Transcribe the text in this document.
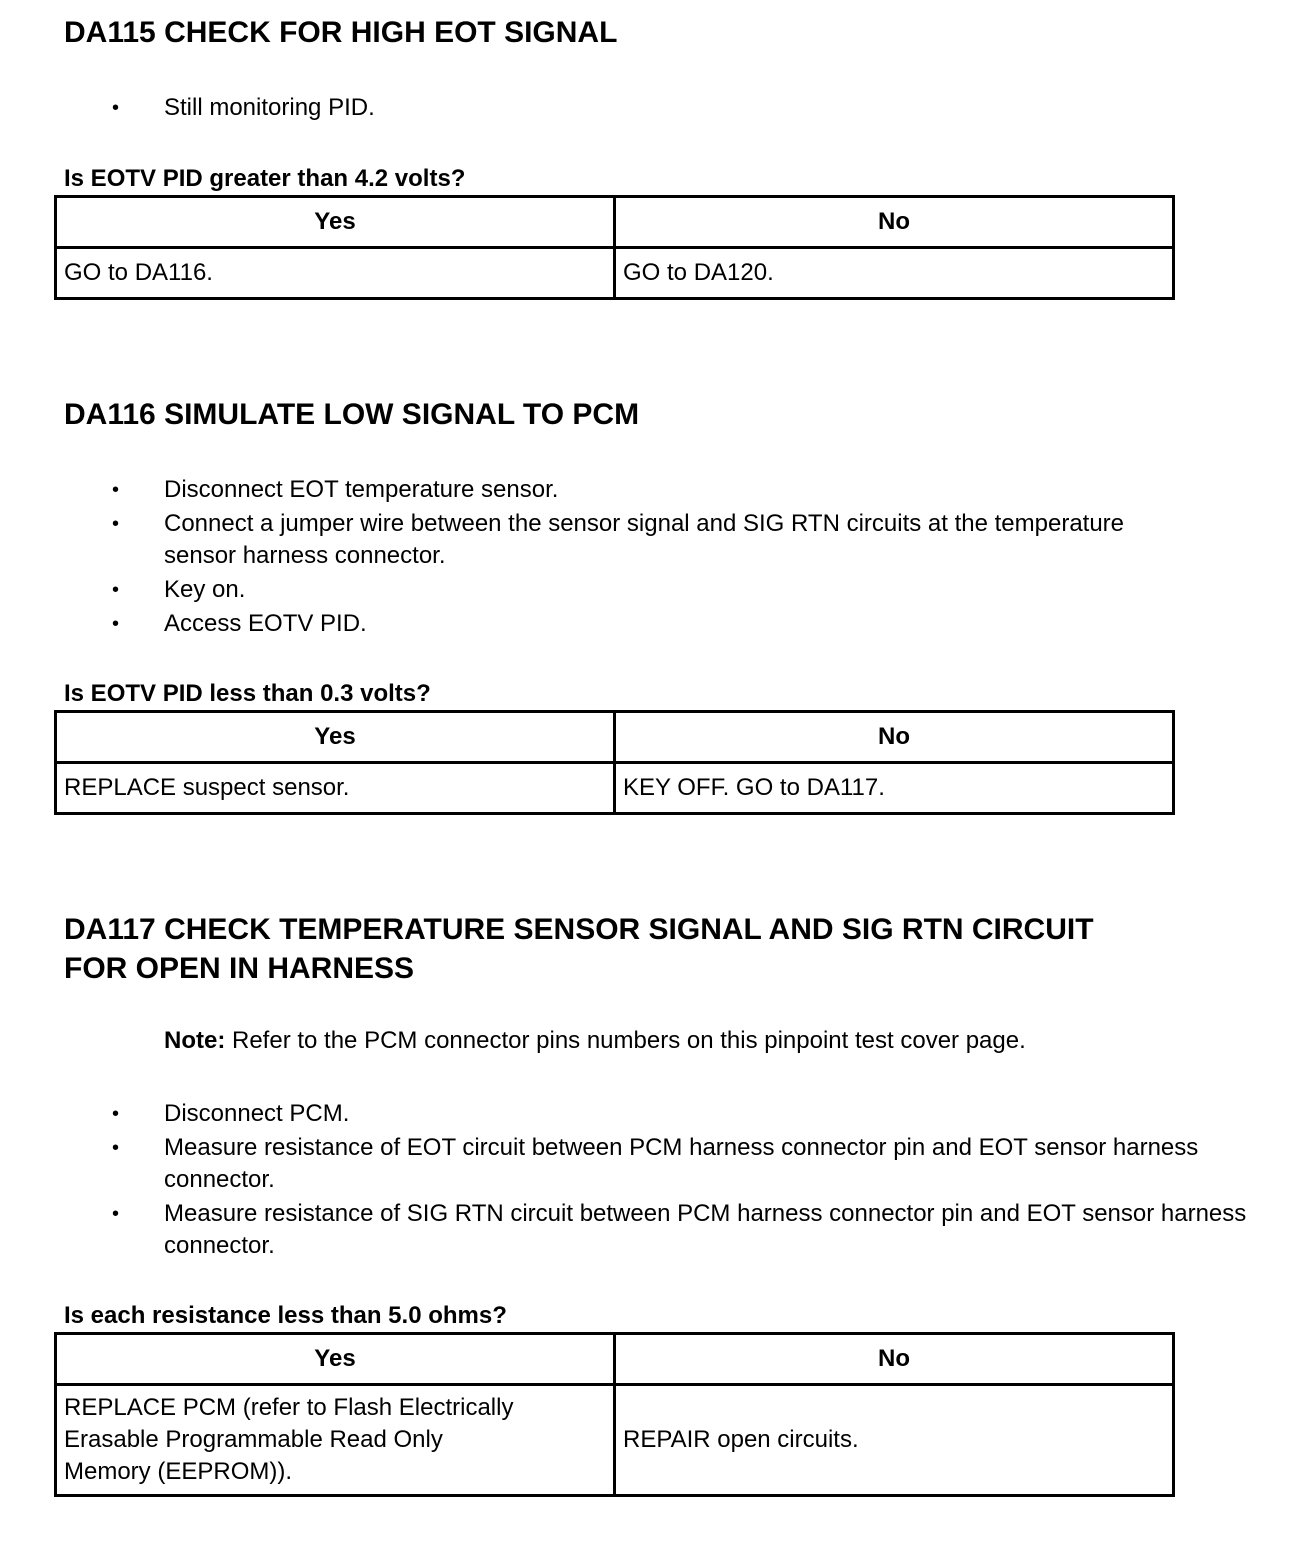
DA115 CHECK FOR HIGH EOT SIGNAL
• Still monitoring PID.

Is EOTV PID greater than 4.2 volts?

Yes	No
GO to DA116.	GO to DA120.
DA116 SIMULATE LOW SIGNAL TO PCM
• Disconnect EOT temperature sensor.
• Connect a jumper wire between the sensor signal and SIG RTN circuits at the temperature sensor harness connector.
• Key on.
• Access EOTV PID.

Is EOTV PID less than 0.3 volts?

Yes	No
REPLACE suspect sensor.	KEY OFF. GO to DA117.
DA117 CHECK TEMPERATURE SENSOR SIGNAL AND SIG RTN CIRCUIT
FOR OPEN IN HARNESS

Note: Refer to the PCM connector pins numbers on this pinpoint test cover page.

• Disconnect PCM.
• Measure resistance of EOT circuit between PCM harness connector pin and EOT sensor harness connector.
• Measure resistance of SIG RTN circuit between PCM harness connector pin and EOT sensor harness connector.

Is each resistance less than 5.0 ohms?

Yes	No
REPLACE PCM (refer to Flash Electrically
Erasable Programmable Read Only
Memory (EEPROM)).	REPAIR open circuits.
